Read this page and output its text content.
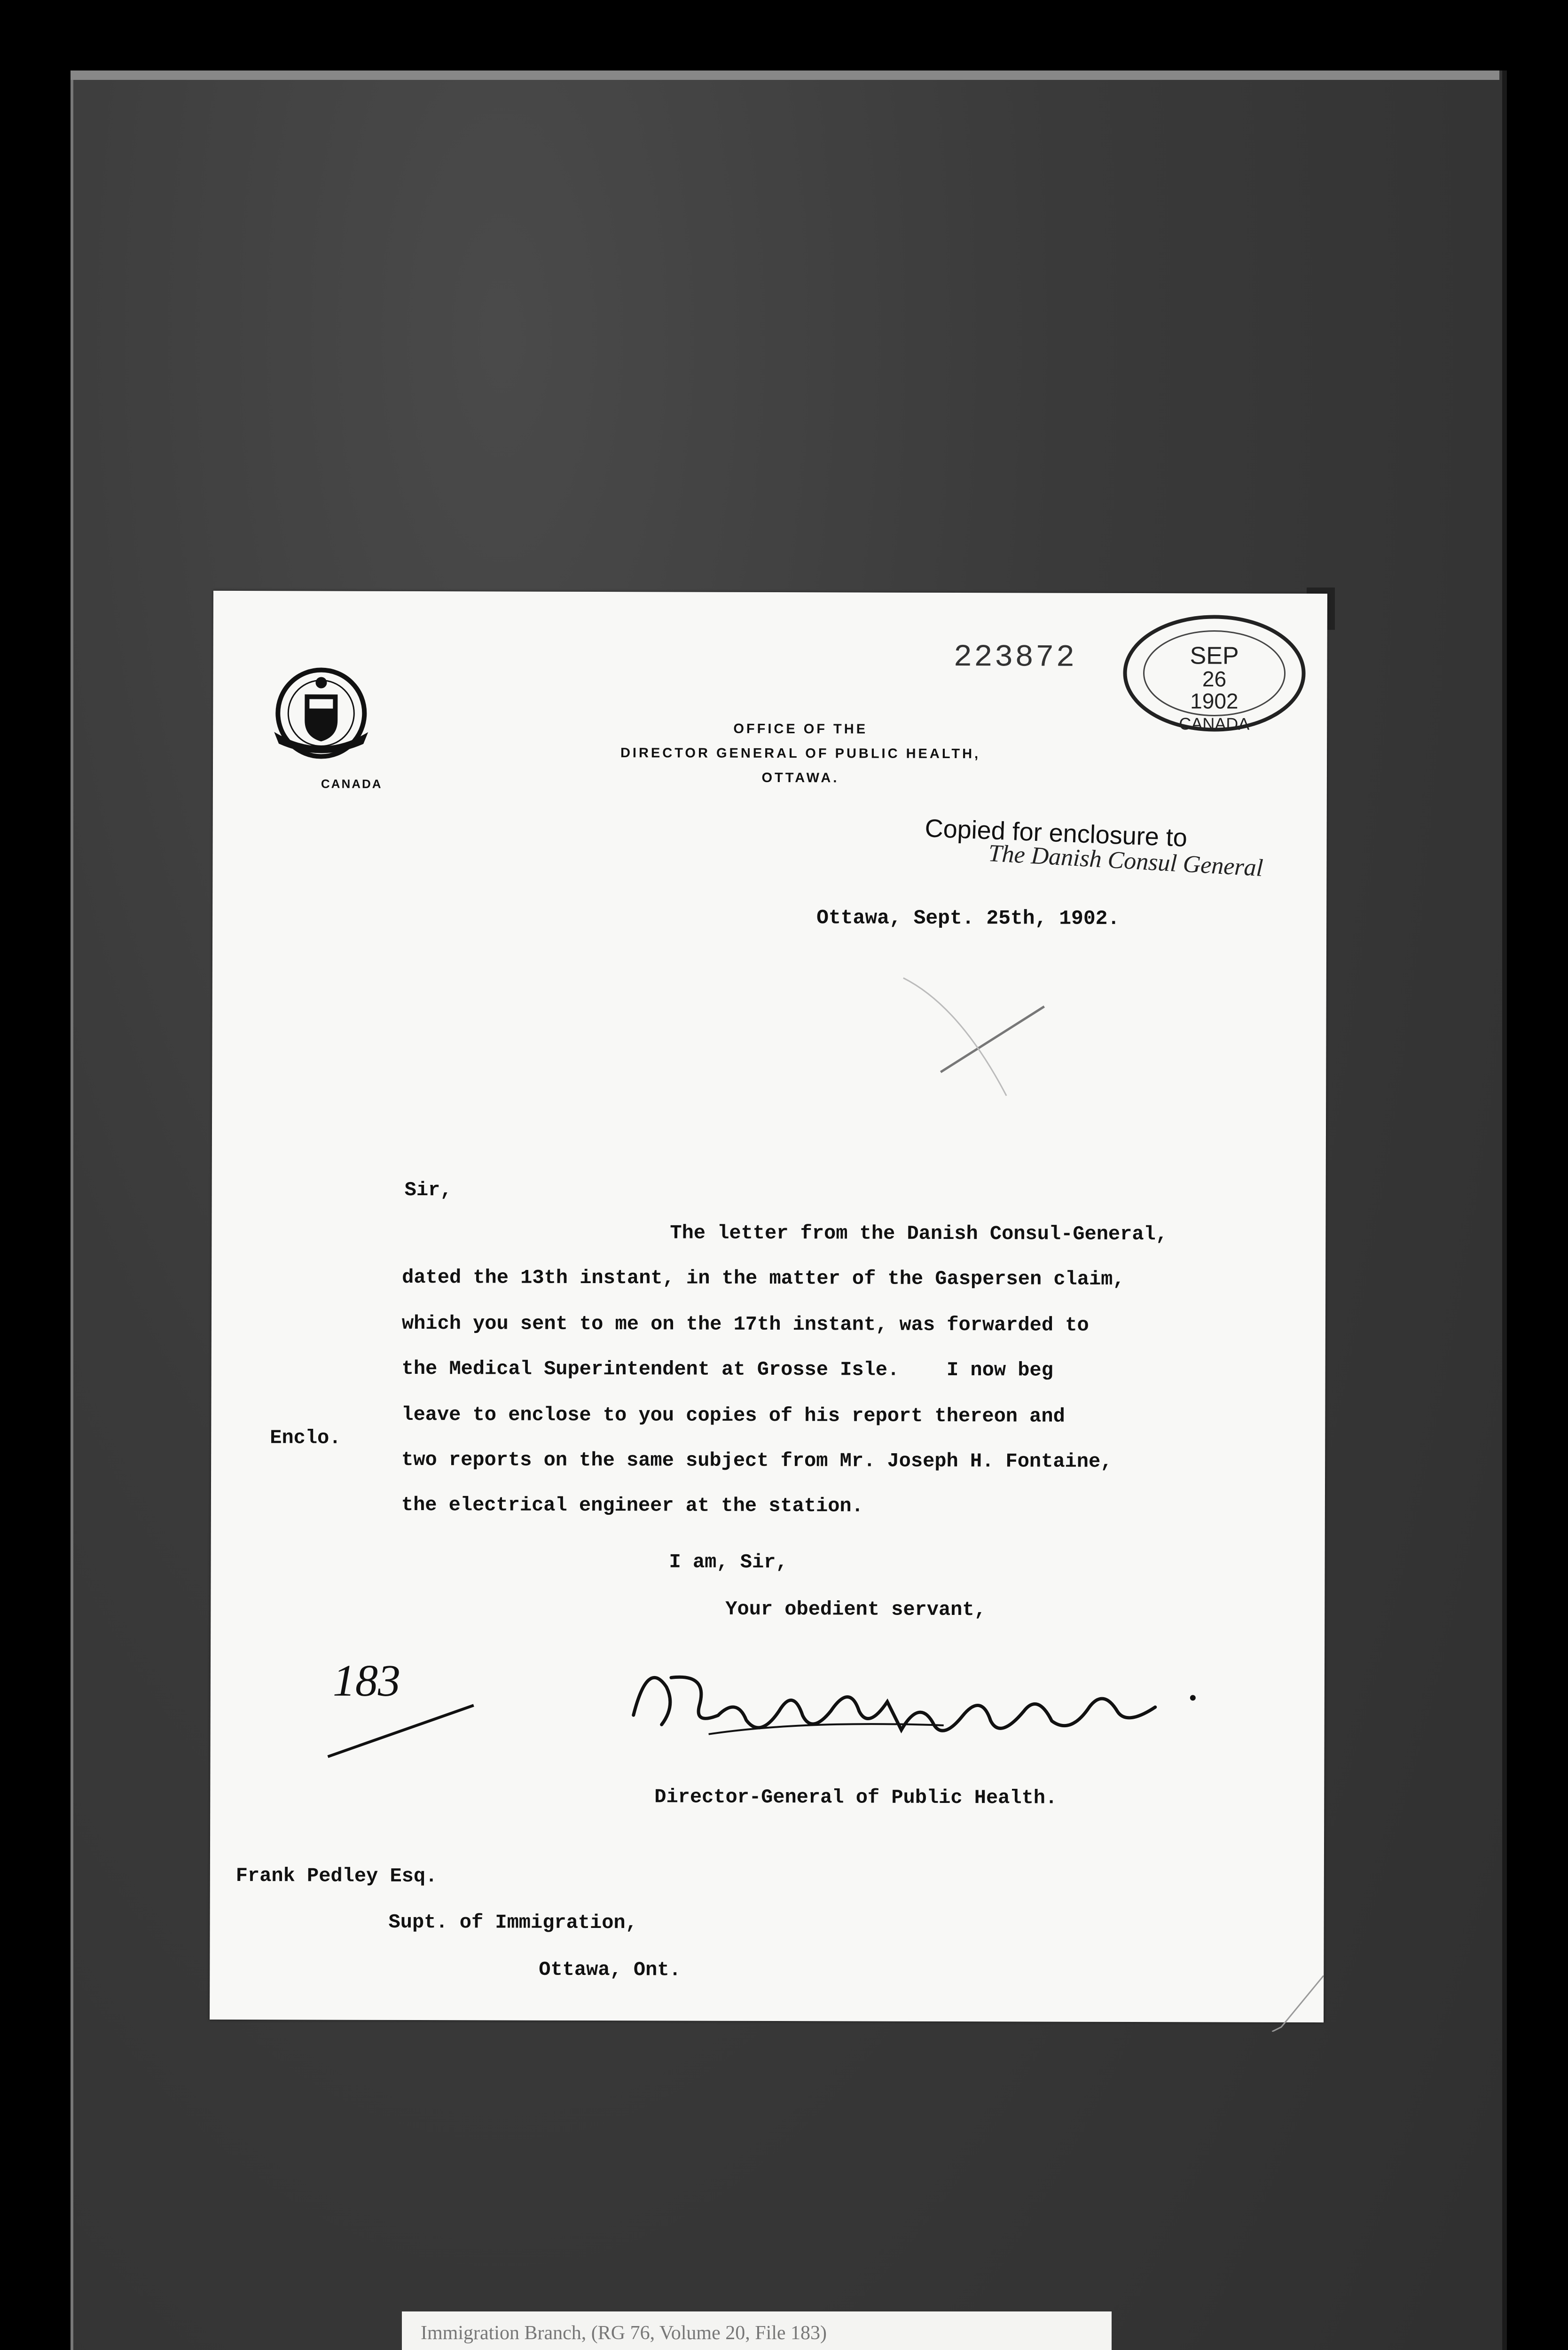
CANADA
OFFICE OF THE
DIRECTOR GENERAL OF PUBLIC HEALTH,
OTTAWA.
223872	SEP
26
1902
CANADA
Copied for enclosure to
The Danish Consul General
Ottawa, Sept. 25th, 1902.
Sir,
The letter from the Danish Consul-General,
dated the 13th instant, in the matter of the Gaspersen claim,
which you sent to me on the 17th instant, was forwarded to
the Medical Superintendent at Grosse Isle.    I now beg
leave to enclose to you copies of his report thereon and
two reports on the same subject from Mr. Joseph H. Fontaine,
the electrical engineer at the station.
Enclo.
I am, Sir,
Your obedient servant,
Director-General of Public Health.
183
Frank Pedley Esq.
Supt. of Immigration,
Ottawa, Ont.
Immigration Branch, (RG 76, Volume 20, File 183)
